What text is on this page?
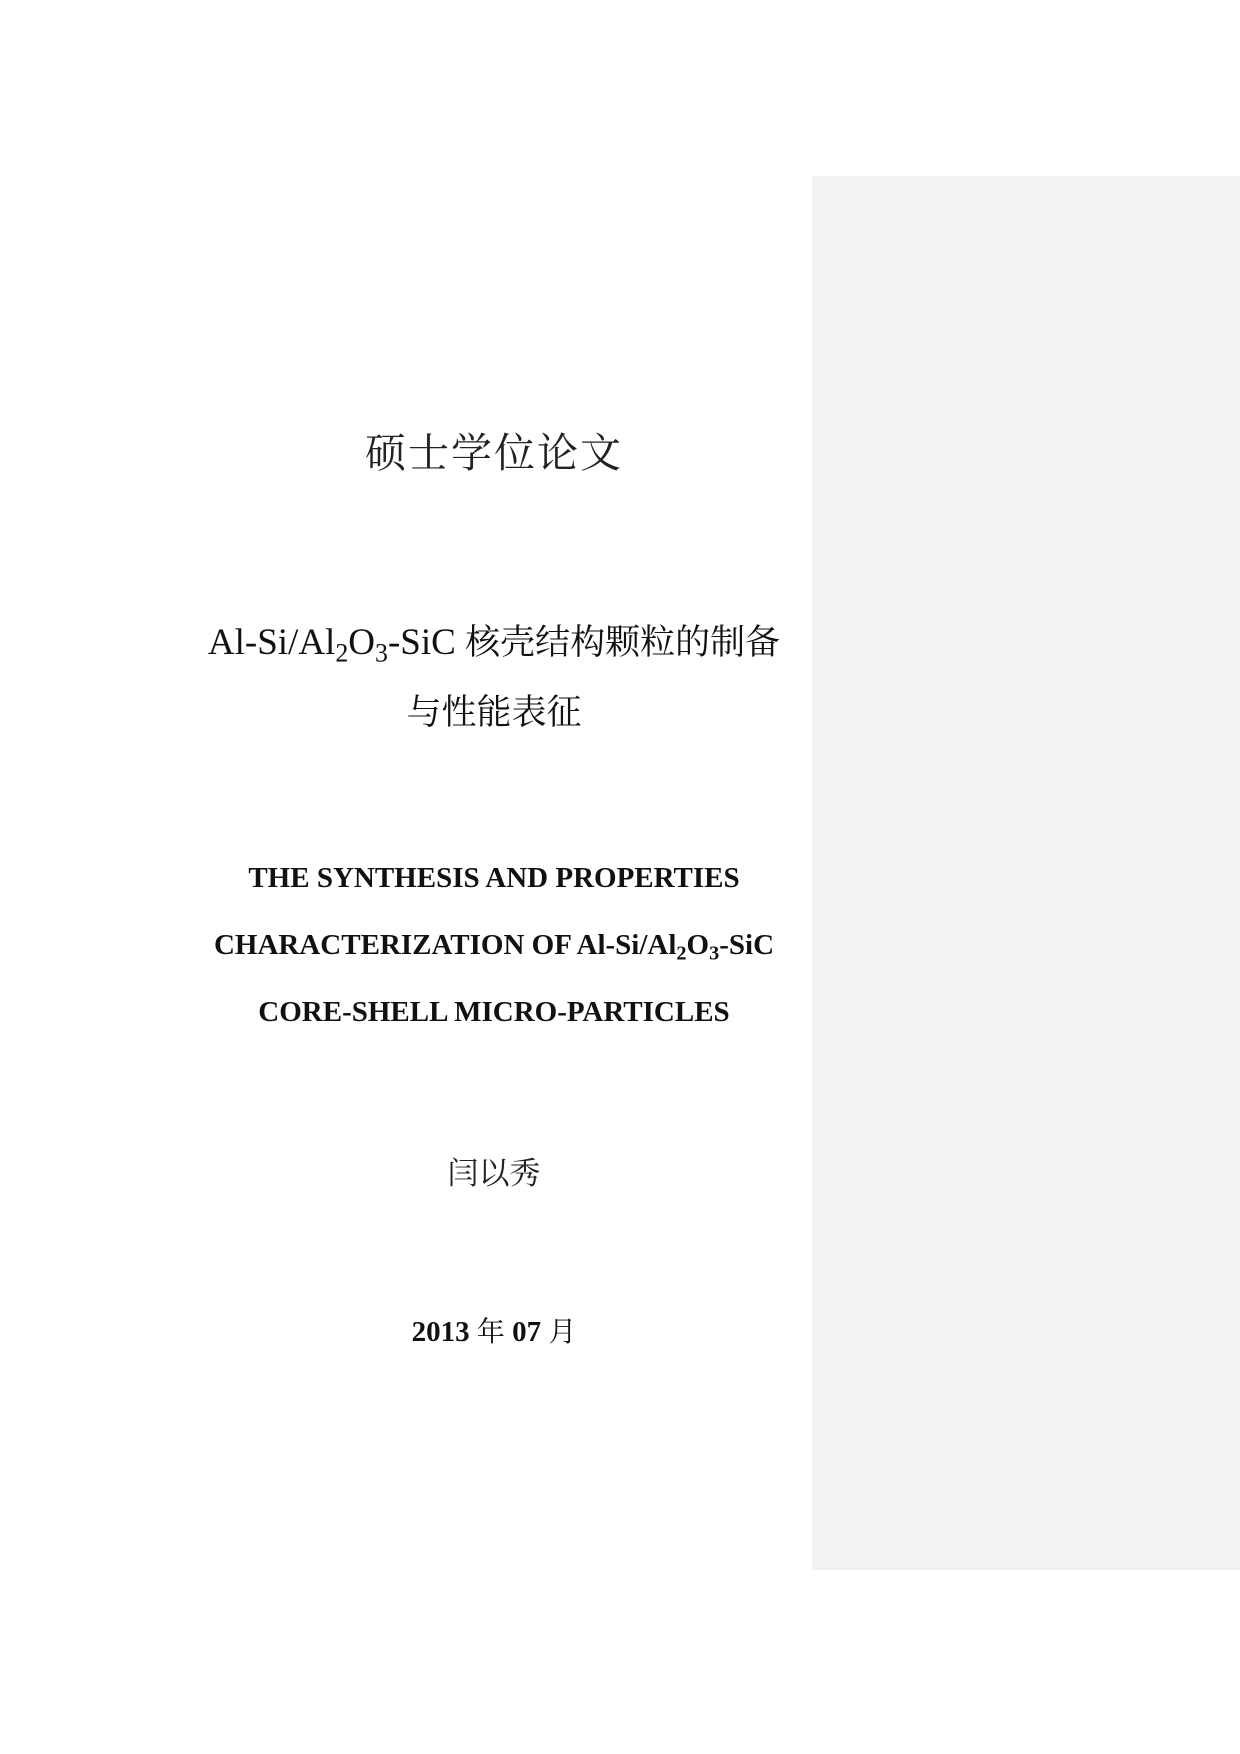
硕士学位论文
$Al-Si/Al_2O_3$-SiC 核壳结构颗粒的制备
与性能表征
THE SYNTHESIS AND PROPERTIES
CHARACTERIZATION OF $Al-Si/Al_2O_3$-SiC
CORE-SHELL MICRO-PARTICLES
闫以秀
2013 年 07 月
